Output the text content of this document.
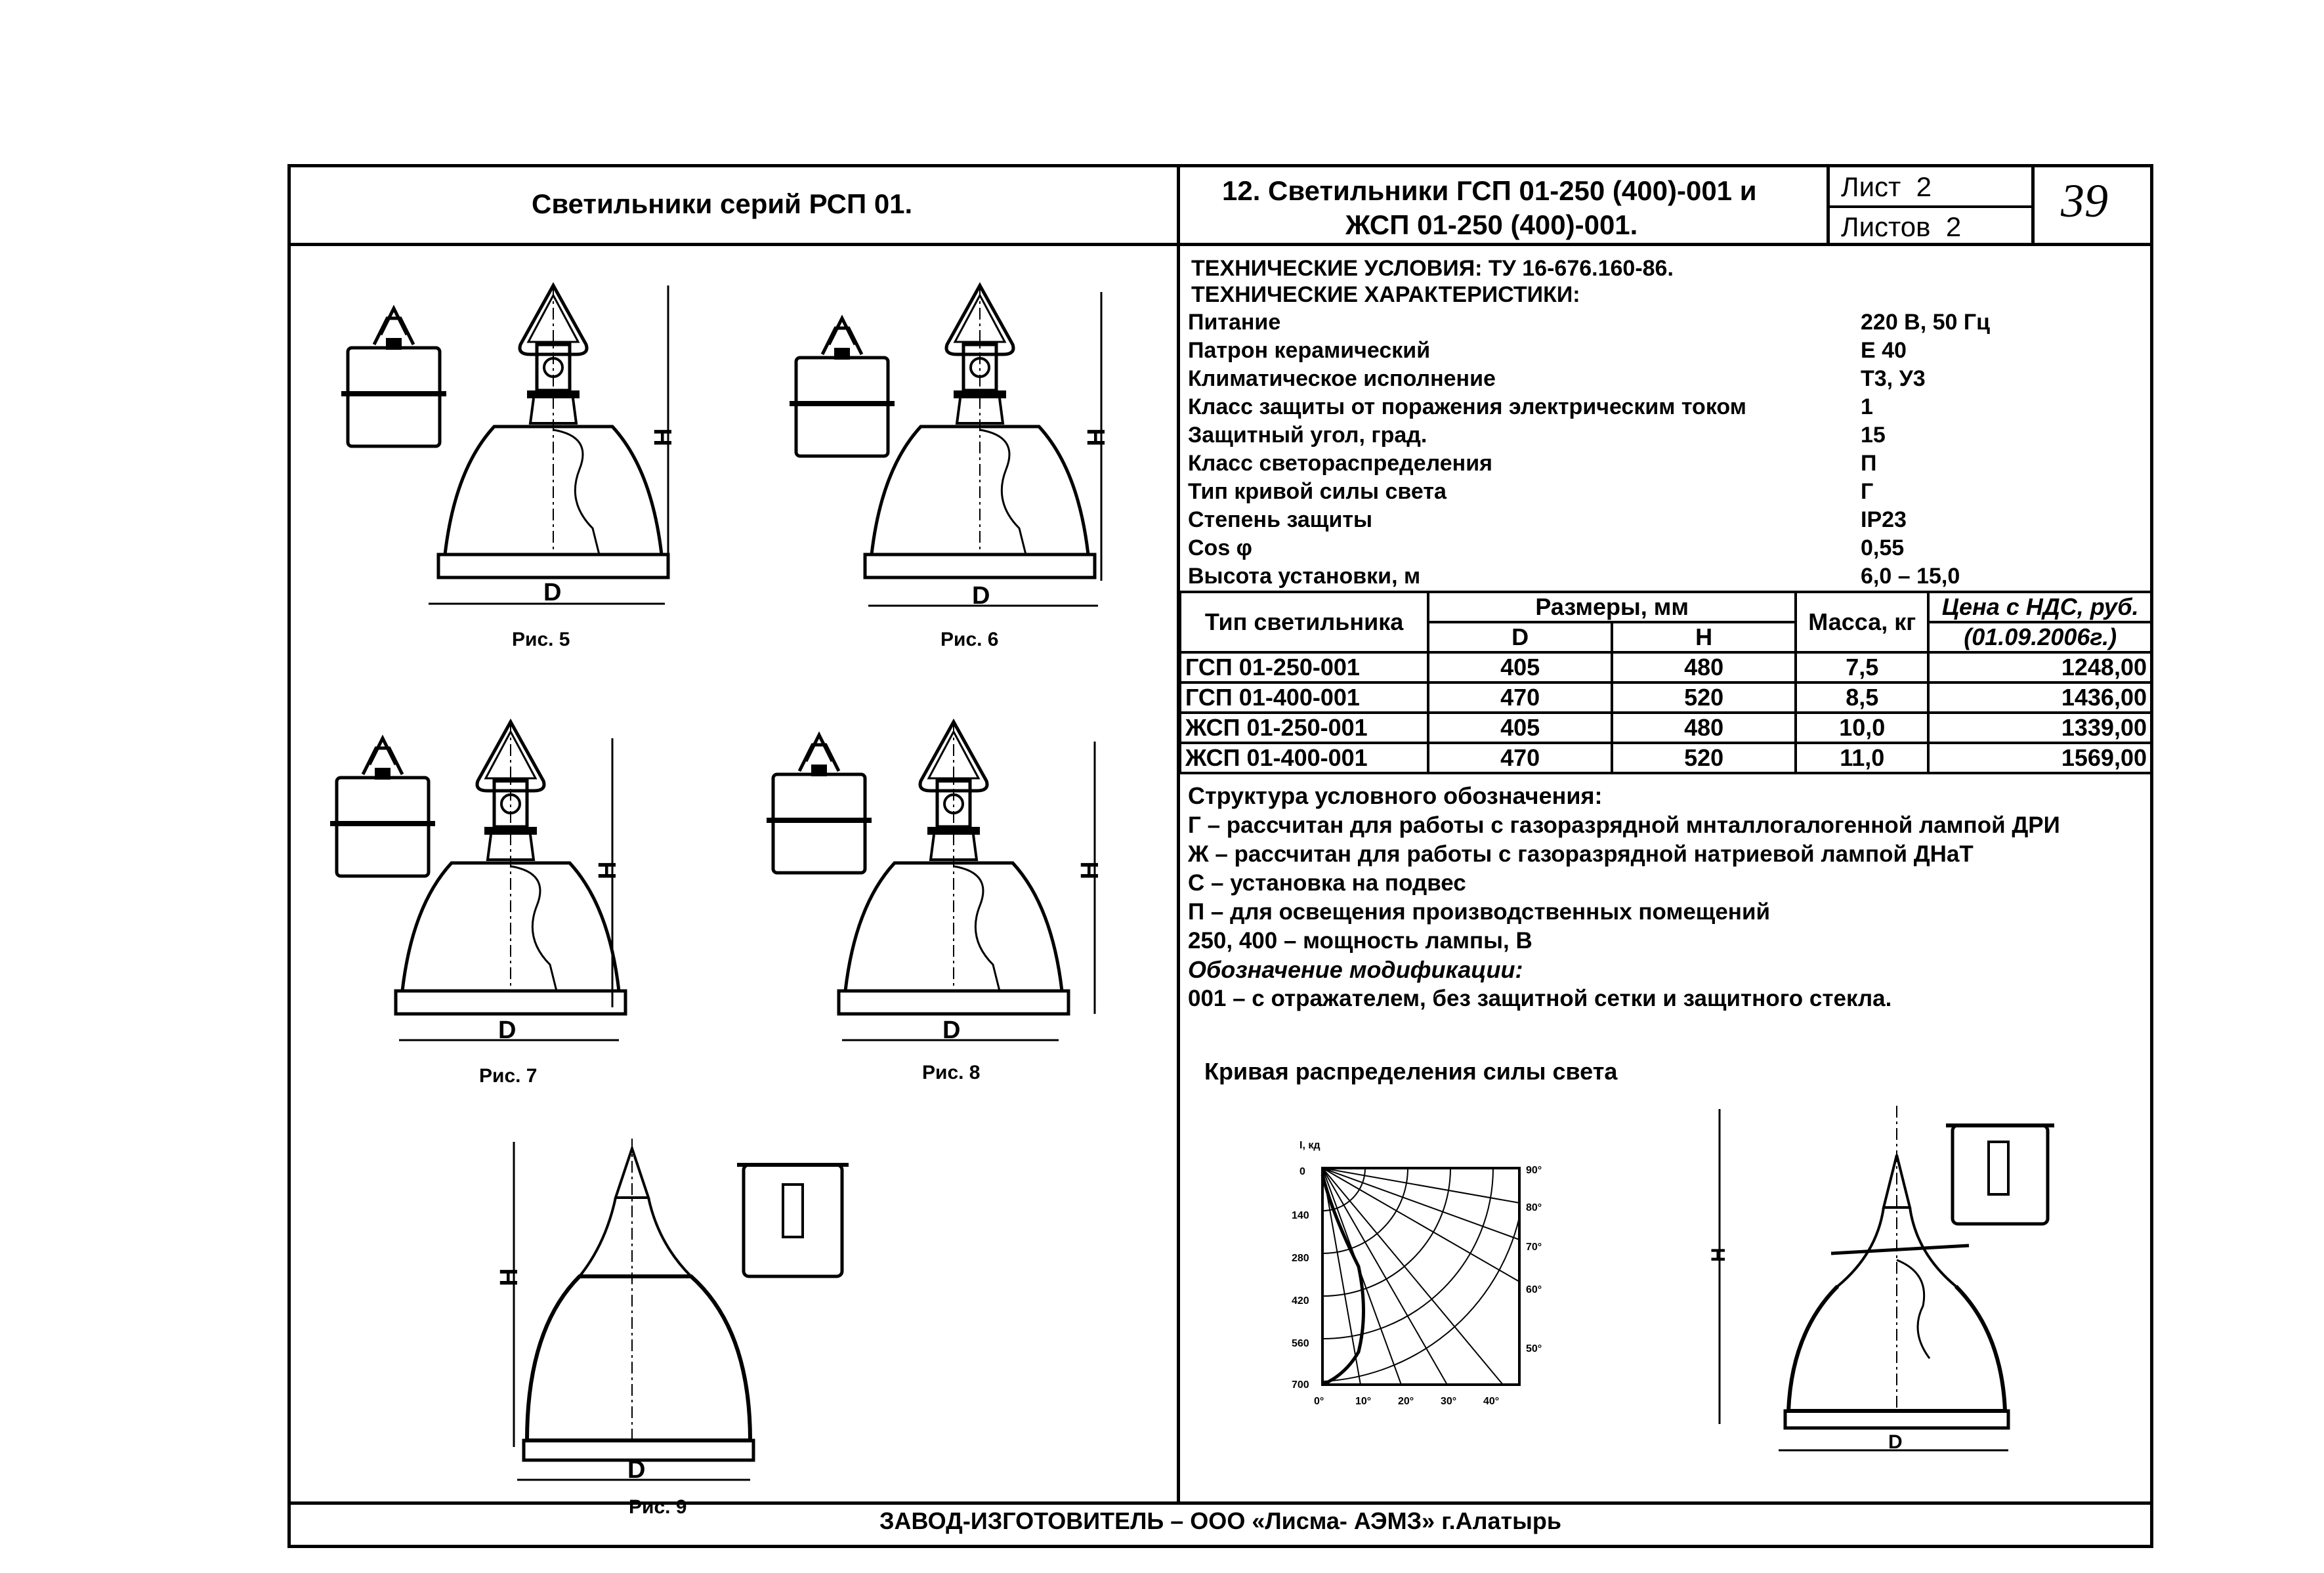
Светильники серий РСП 01.	12. Светильники ГСП 01-250 (400)-001 и
ЖСП 01-250 (400)-001.
Лист 2
Листов 2 39
D
H
D
H
D
H
D
H
D
H
Рис. 5	Рис. 6
Рис. 7	Рис. 8
Рис. 9
ТЕХНИЧЕСКИЕ УСЛОВИЯ: ТУ 16-676.160-86.
ТЕХНИЧЕСКИЕ ХАРАКТЕРИСТИКИ:
Питание	220 В, 50 Гц
Патрон керамический	Е 40
Климатическое исполнение	Т3, У3
Класс защиты от поражения электрическим током	1
Защитный угол, град.	15
Класс светораспределения	П
Тип кривой силы света	Г
Степень защиты	IP23
Cos φ	0,55
Высота установки, м	6,0 – 15,0
Тип светильника	Размеры, мм		Масса, кг	Цена с НДС, руб.
	D	H		(01.09.2006г.)
ГСП 01-250-001	405	480	7,5	1248,00
ГСП 01-400-001	470	520	8,5	1436,00
ЖСП 01-250-001	405	480	10,0	1339,00
ЖСП 01-400-001	470	520	11,0	1569,00
Структура условного обозначения:
Г – рассчитан для работы с газоразрядной мнталлогалогенной лампой ДРИ
Ж – рассчитан для работы с газоразрядной натриевой лампой ДНаТ
С – установка на подвес
П – для освещения производственных помещений
250, 400 – мощность лампы, В
Обозначение модификации:
001 – с отражателем, без защитной сетки и защитного стекла.
Кривая распределения силы света
I, кд
0
140
280
420
560
700
0°	10°	20°	30°	40°
90°
80°
70°
60°
50°
D
H
ЗАВОД-ИЗГОТОВИТЕЛЬ – ООО «Лисма- АЭМЗ» г.Алатырь
